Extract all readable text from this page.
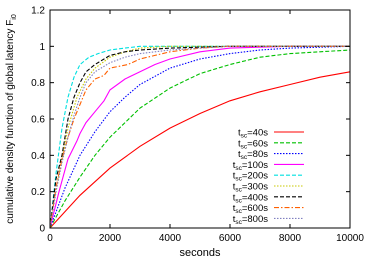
0	2000	4000	6000	8000	10000
0
0.2
0.4
0.6
0.8
1
1.2
seconds
cumulative density function of global latency $F_{i0}$
$t_{sc}=40s$
$t_{sc}=60s$
$t_{sc}=80s$
$t_{sc}=100s$
$t_{sc}=200s$
$t_{sc}=300s$
$t_{sc}=400s$
$t_{sc}=600s$
$t_{sc}=800s$
